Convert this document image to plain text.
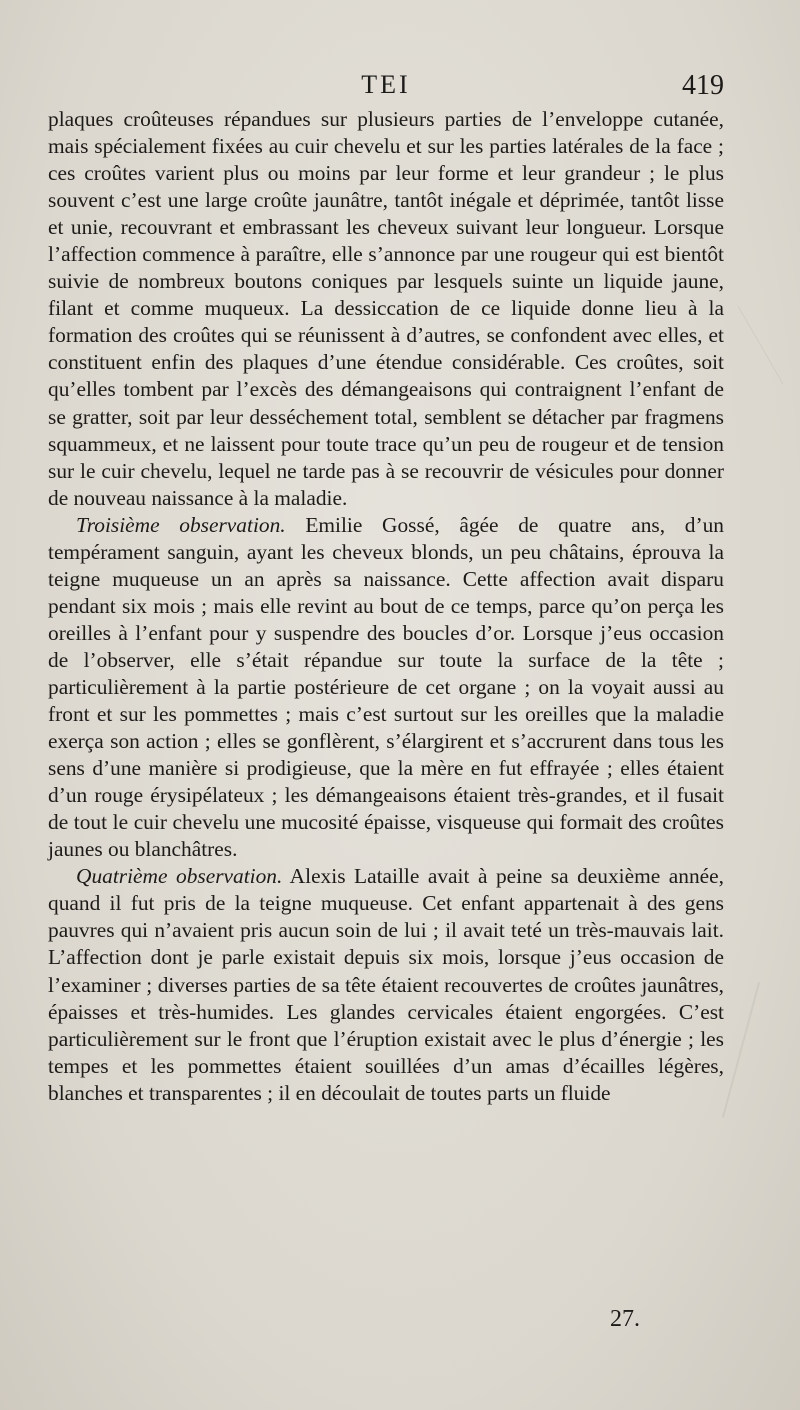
TEI	419

plaques croûteuses répandues sur plusieurs parties de l’enveloppe cutanée, mais spécialement fixées au cuir chevelu et sur les parties latérales de la face ; ces croûtes varient plus ou moins par leur forme et leur grandeur ; le plus souvent c’est une large croûte jaunâtre, tantôt inégale et déprimée, tantôt lisse et unie, recouvrant et embrassant les cheveux suivant leur longueur. Lorsque l’affection commence à paraître, elle s’annonce par une rougeur qui est bientôt suivie de nombreux boutons coniques par lesquels suinte un liquide jaune, filant et comme muqueux. La dessiccation de ce liquide donne lieu à la formation des croûtes qui se réunissent à d’autres, se confondent avec elles, et constituent enfin des plaques d’une étendue considérable. Ces croûtes, soit qu’elles tombent par l’excès des démangeaisons qui contraignent l’enfant de se gratter, soit par leur desséchement total, semblent se détacher par fragmens squammeux, et ne laissent pour toute trace qu’un peu de rougeur et de tension sur le cuir chevelu, lequel ne tarde pas à se recouvrir de vésicules pour donner de nouveau naissance à la maladie.

Troisième observation. Emilie Gossé, âgée de quatre ans, d’un tempérament sanguin, ayant les cheveux blonds, un peu châtains, éprouva la teigne muqueuse un an après sa naissance. Cette affection avait disparu pendant six mois ; mais elle revint au bout de ce temps, parce qu’on perça les oreilles à l’enfant pour y suspendre des boucles d’or. Lorsque j’eus occasion de l’observer, elle s’était répandue sur toute la surface de la tête ; particulièrement à la partie postérieure de cet organe ; on la voyait aussi au front et sur les pommettes ; mais c’est surtout sur les oreilles que la maladie exerça son action ; elles se gonflèrent, s’élargirent et s’accrurent dans tous les sens d’une manière si prodigieuse, que la mère en fut effrayée ; elles étaient d’un rouge érysipélateux ; les démangeaisons étaient très-grandes, et il fusait de tout le cuir chevelu une mucosité épaisse, visqueuse qui formait des croûtes jaunes ou blanchâtres.

Quatrième observation. Alexis Lataille avait à peine sa deuxième année, quand il fut pris de la teigne muqueuse. Cet enfant appartenait à des gens pauvres qui n’avaient pris aucun soin de lui ; il avait teté un très-mauvais lait. L’affection dont je parle existait depuis six mois, lorsque j’eus occasion de l’examiner ; diverses parties de sa tête étaient recouvertes de croûtes jaunâtres, épaisses et très-humides. Les glandes cervicales étaient engorgées. C’est particulièrement sur le front que l’éruption existait avec le plus d’énergie ; les tempes et les pommettes étaient souillées d’un amas d’écailles légères, blanches et transparentes ; il en découlait de toutes parts un fluide

27.
